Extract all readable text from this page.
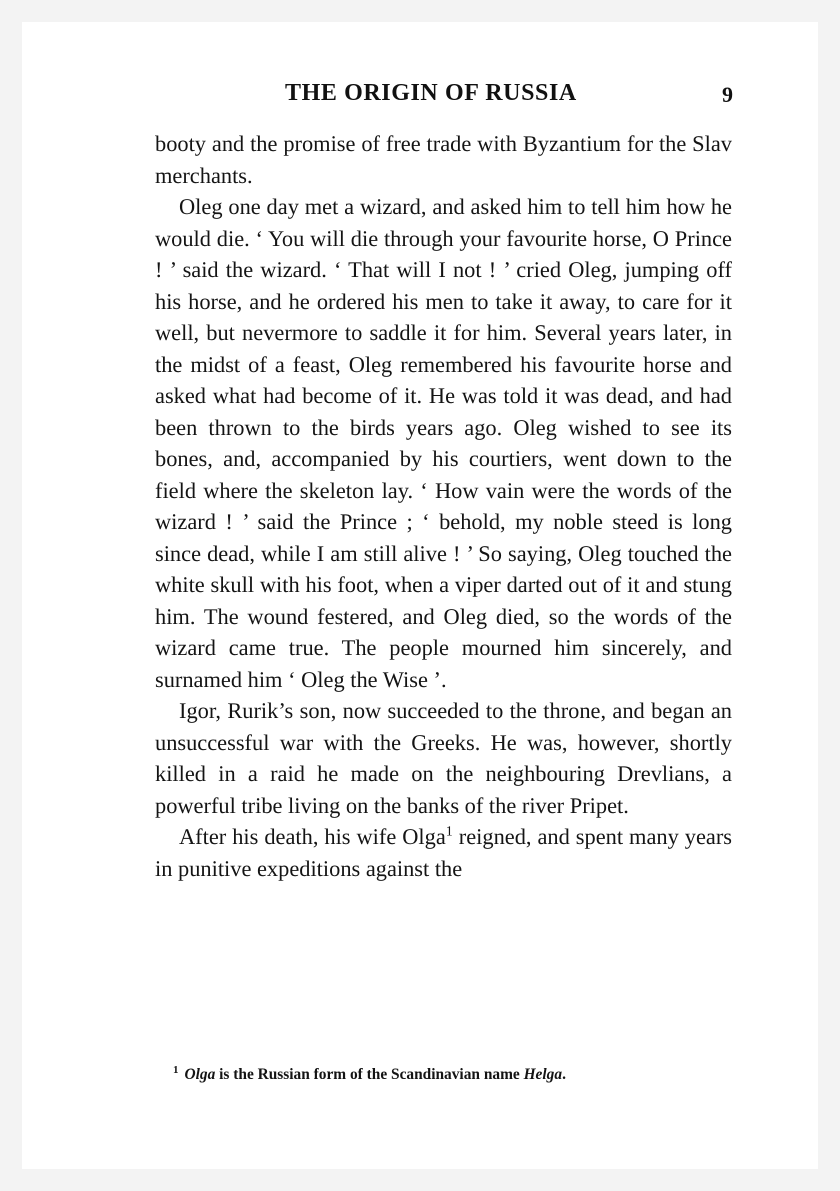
THE ORIGIN OF RUSSIA	9

booty and the promise of free trade with Byzantium for the Slav merchants.

Oleg one day met a wizard, and asked him to tell him how he would die. ‘ You will die through your favourite horse, O Prince ! ’ said the wizard. ‘ That will I not ! ’ cried Oleg, jumping off his horse, and he ordered his men to take it away, to care for it well, but nevermore to saddle it for him. Several years later, in the midst of a feast, Oleg remembered his favourite horse and asked what had become of it. He was told it was dead, and had been thrown to the birds years ago. Oleg wished to see its bones, and, accompanied by his courtiers, went down to the field where the skeleton lay. ‘ How vain were the words of the wizard ! ’ said the Prince ; ‘ behold, my noble steed is long since dead, while I am still alive ! ’ So saying, Oleg touched the white skull with his foot, when a viper darted out of it and stung him. The wound festered, and Oleg died, so the words of the wizard came true. The people mourned him sincerely, and surnamed him ‘ Oleg the Wise ’.

Igor, Rurik’s son, now succeeded to the throne, and began an unsuccessful war with the Greeks. He was, however, shortly killed in a raid he made on the neighbouring Drevlians, a powerful tribe living on the banks of the river Pripet.

After his death, his wife Olga$^1$ reigned, and spent many years in punitive expeditions against the

$^1$ Olga is the Russian form of the Scandinavian name Helga.
